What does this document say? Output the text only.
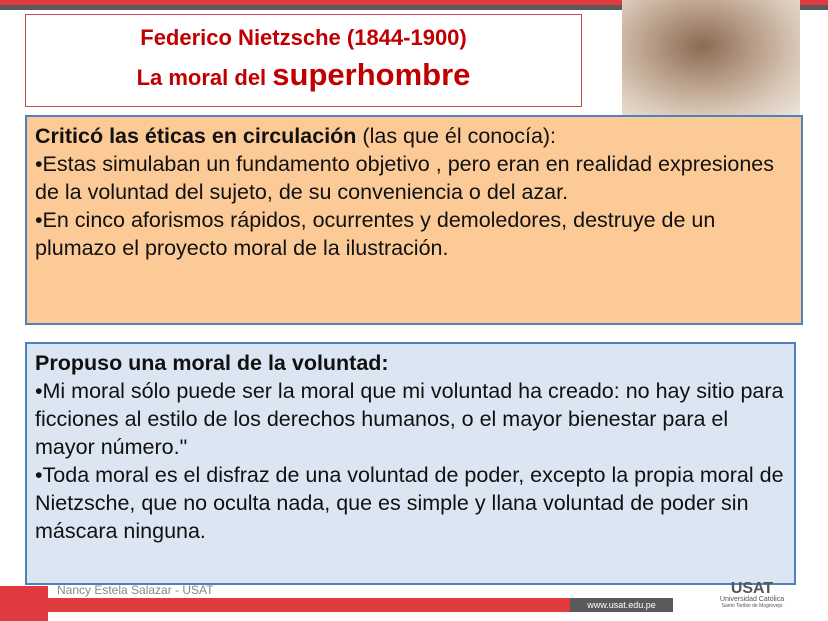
Federico Nietzsche (1844-1900)
La moral del superhombre

Criticó las éticas en circulación (las que él conocía):

•Estas simulaban un fundamento objetivo , pero eran en realidad expresiones de la voluntad del sujeto, de su conveniencia o del azar.

•En cinco aforismos rápidos, ocurrentes y demoledores, destruye de un plumazo el proyecto moral de la ilustración.

Propuso una moral de la voluntad:

•Mi moral sólo puede ser la moral que mi voluntad ha creado: no hay sitio para ficciones al estilo de los derechos humanos, o el mayor bienestar para el mayor número."

•Toda moral es el disfraz de una voluntad de poder, excepto la propia moral de Nietzsche, que no oculta nada, que es simple y llana voluntad de poder sin máscara ninguna.

Nancy Estela Salazar - USAT
www.usat.edu.pe
USAT
Universidad Católica
Santo Toribio de Mogrovejo
